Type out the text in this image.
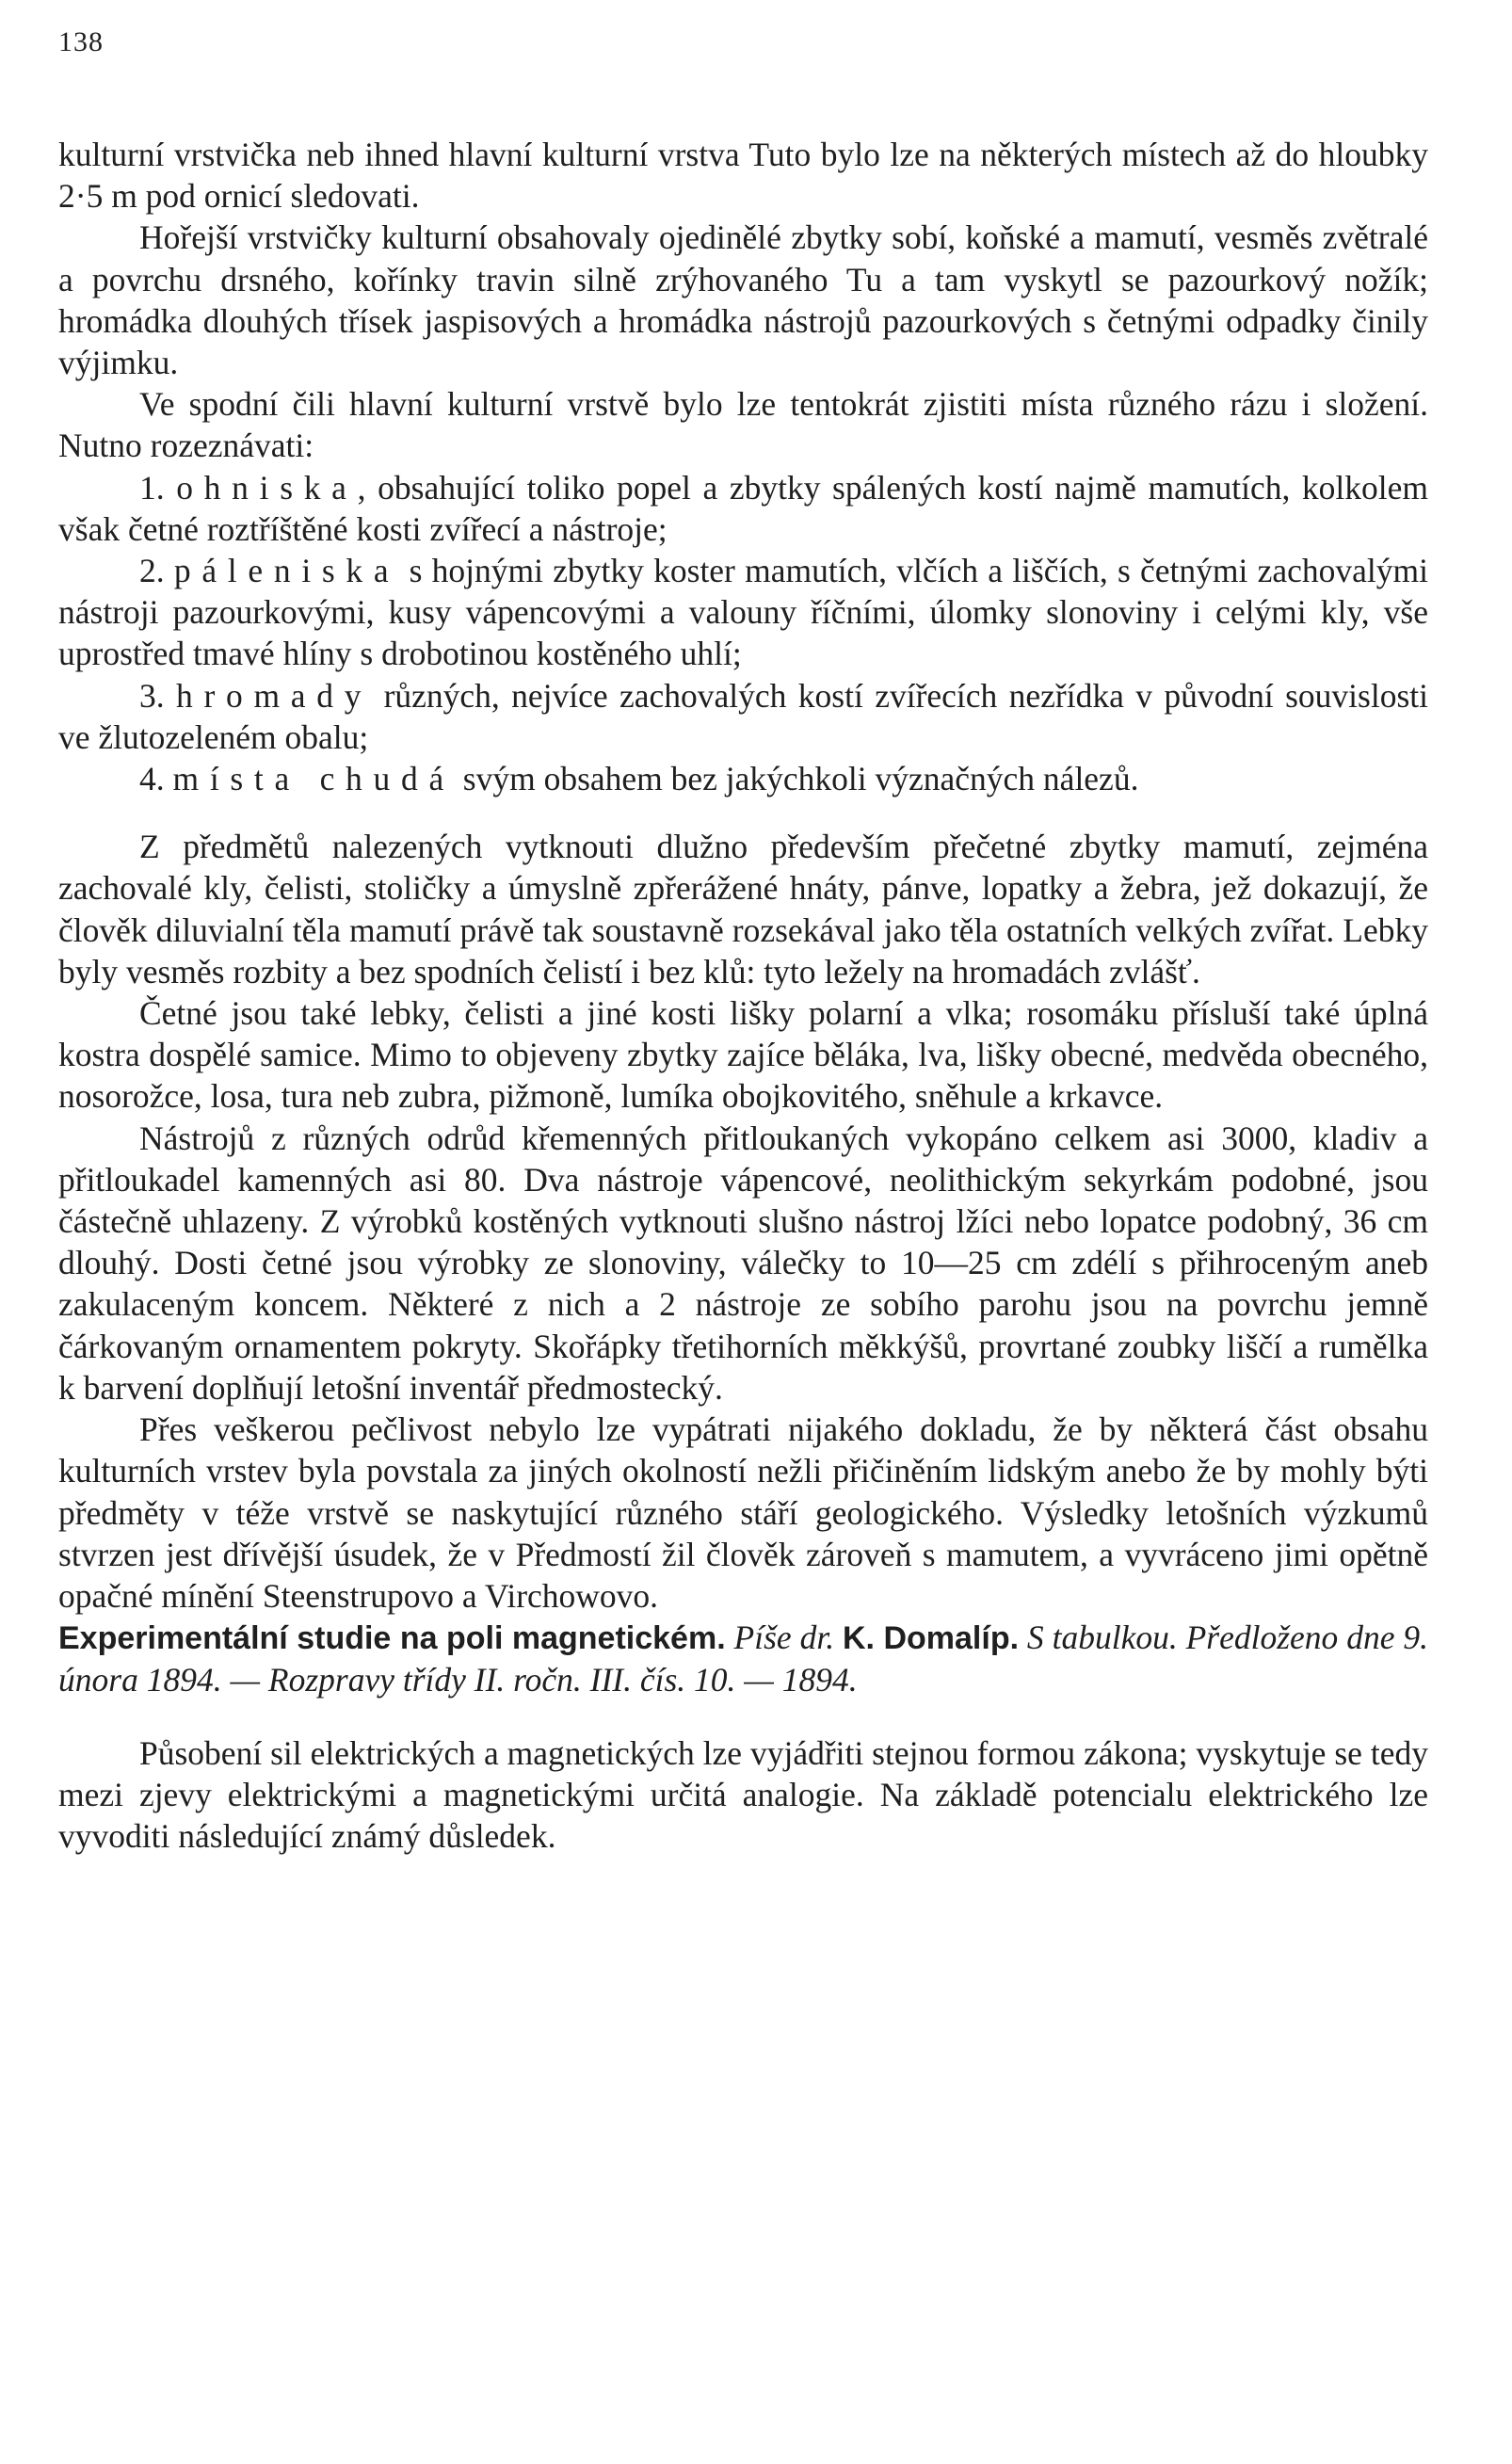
138

kulturní vrstvička neb ihned hlavní kulturní vrstva Tuto bylo lze na některých místech až do hloubky 2·5 m pod ornicí sledovati.

Hořejší vrstvičky kulturní obsahovaly ojedinělé zbytky sobí, koňské a mamutí, vesměs zvětralé a povrchu drsného, kořínky travin silně zrýhovaného Tu a tam vyskytl se pazourkový nožík; hromádka dlouhých třísek jaspisových a hromádka nástrojů pazourkových s četnými odpadky činily výjimku.

Ve spodní čili hlavní kulturní vrstvě bylo lze tentokrát zjistiti místa různého rázu i složení. Nutno rozeznávati:

1. ohniska, obsahující toliko popel a zbytky spálených kostí najmě mamutích, kolkolem však četné roztříštěné kosti zvířecí a nástroje;

2. páleniska s hojnými zbytky koster mamutích, vlčích a liščích, s četnými zachovalými nástroji pazourkovými, kusy vápencovými a valouny říčními, úlomky slonoviny i celými kly, vše uprostřed tmavé hlíny s drobotinou kostěného uhlí;

3. hromady různých, nejvíce zachovalých kostí zvířecích nezřídka v původní souvislosti ve žlutozeleném obalu;

4. místa chudá svým obsahem bez jakýchkoli význačných nálezů.

Z předmětů nalezených vytknouti dlužno především přečetné zbytky mamutí, zejména zachovalé kly, čelisti, stoličky a úmyslně zpřerážené hnáty, pánve, lopatky a žebra, jež dokazují, že člověk diluvialní těla mamutí právě tak soustavně rozsekával jako těla ostatních velkých zvířat. Lebky byly vesměs rozbity a bez spodních čelistí i bez klů: tyto ležely na hromadách zvlášť.

Četné jsou také lebky, čelisti a jiné kosti lišky polarní a vlka; rosomáku přísluší také úplná kostra dospělé samice. Mimo to objeveny zbytky zajíce běláka, lva, lišky obecné, medvěda obecného, nosorožce, losa, tura neb zubra, pižmoně, lumíka obojkovitého, sněhule a krkavce.

Nástrojů z různých odrůd křemenných přitloukaných vykopáno celkem asi 3000, kladiv a přitloukadel kamenných asi 80. Dva nástroje vápencové, neolithickým sekyrkám podobné, jsou částečně uhlazeny. Z výrobků kostěných vytknouti slušno nástroj lžíci nebo lopatce podobný, 36 cm dlouhý. Dosti četné jsou výrobky ze slonoviny, válečky to 10—25 cm zdélí s přihroceným aneb zakulaceným koncem. Některé z nich a 2 nástroje ze sobího parohu jsou na povrchu jemně čárkovaným ornamentem pokryty. Skořápky třetihorních měkkýšů, provrtané zoubky liščí a rumělka k barvení doplňují letošní inventář předmostecký.

Přes veškerou pečlivost nebylo lze vypátrati nijakého dokladu, že by některá část obsahu kulturních vrstev byla povstala za jiných okolností nežli přičiněním lidským anebo že by mohly býti předměty v téže vrstvě se naskytující různého stáří geologického. Výsledky letošních výzkumů stvrzen jest dřívější úsudek, že v Předmostí žil člověk zároveň s mamutem, a vyvráceno jimi opětně opačné mínění Steenstrupovo a Virchowovo.

Experimentální studie na poli magnetickém. Píše dr. K. Domalíp. S tabulkou. Předloženo dne 9. února 1894. — Rozpravy třídy II. ročn. III. čís. 10. — 1894.

Působení sil elektrických a magnetických lze vyjádřiti stejnou formou zákona; vyskytuje se tedy mezi zjevy elektrickými a magnetickými určitá analogie. Na základě potencialu elektrického lze vyvoditi následující známý důsledek.
